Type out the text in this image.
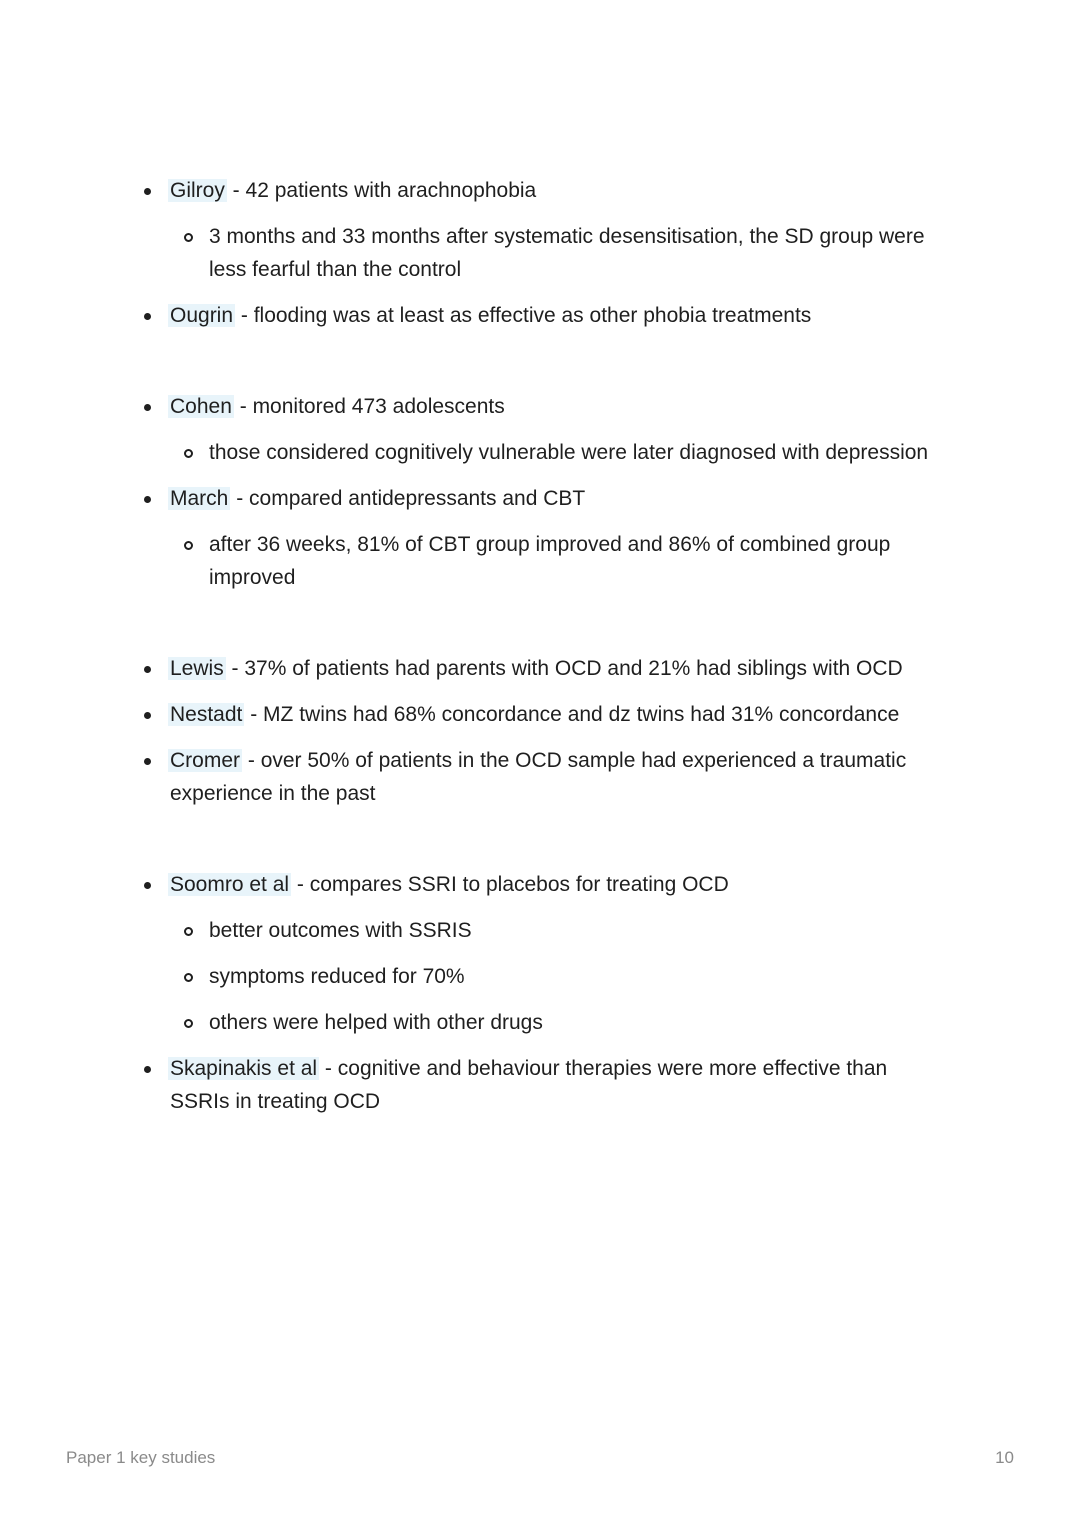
Gilroy - 42 patients with arachnophobia
3 months and 33 months after systematic desensitisation, the SD group were less fearful than the control
Ougrin - flooding was at least as effective as other phobia treatments
Cohen - monitored 473 adolescents
those considered cognitively vulnerable were later diagnosed with depression
March - compared antidepressants and CBT
after 36 weeks, 81% of CBT group improved and 86% of combined group improved
Lewis - 37% of patients had parents with OCD and 21% had siblings with OCD
Nestadt - MZ twins had 68% concordance and dz twins had 31% concordance
Cromer - over 50% of patients in the OCD sample had experienced a traumatic experience in the past
Soomro et al - compares SSRI to placebos for treating OCD
better outcomes with SSRIS
symptoms reduced for 70%
others were helped with other drugs
Skapinakis et al - cognitive and behaviour therapies were more effective than SSRIs in treating OCD
Paper 1 key studies	10
